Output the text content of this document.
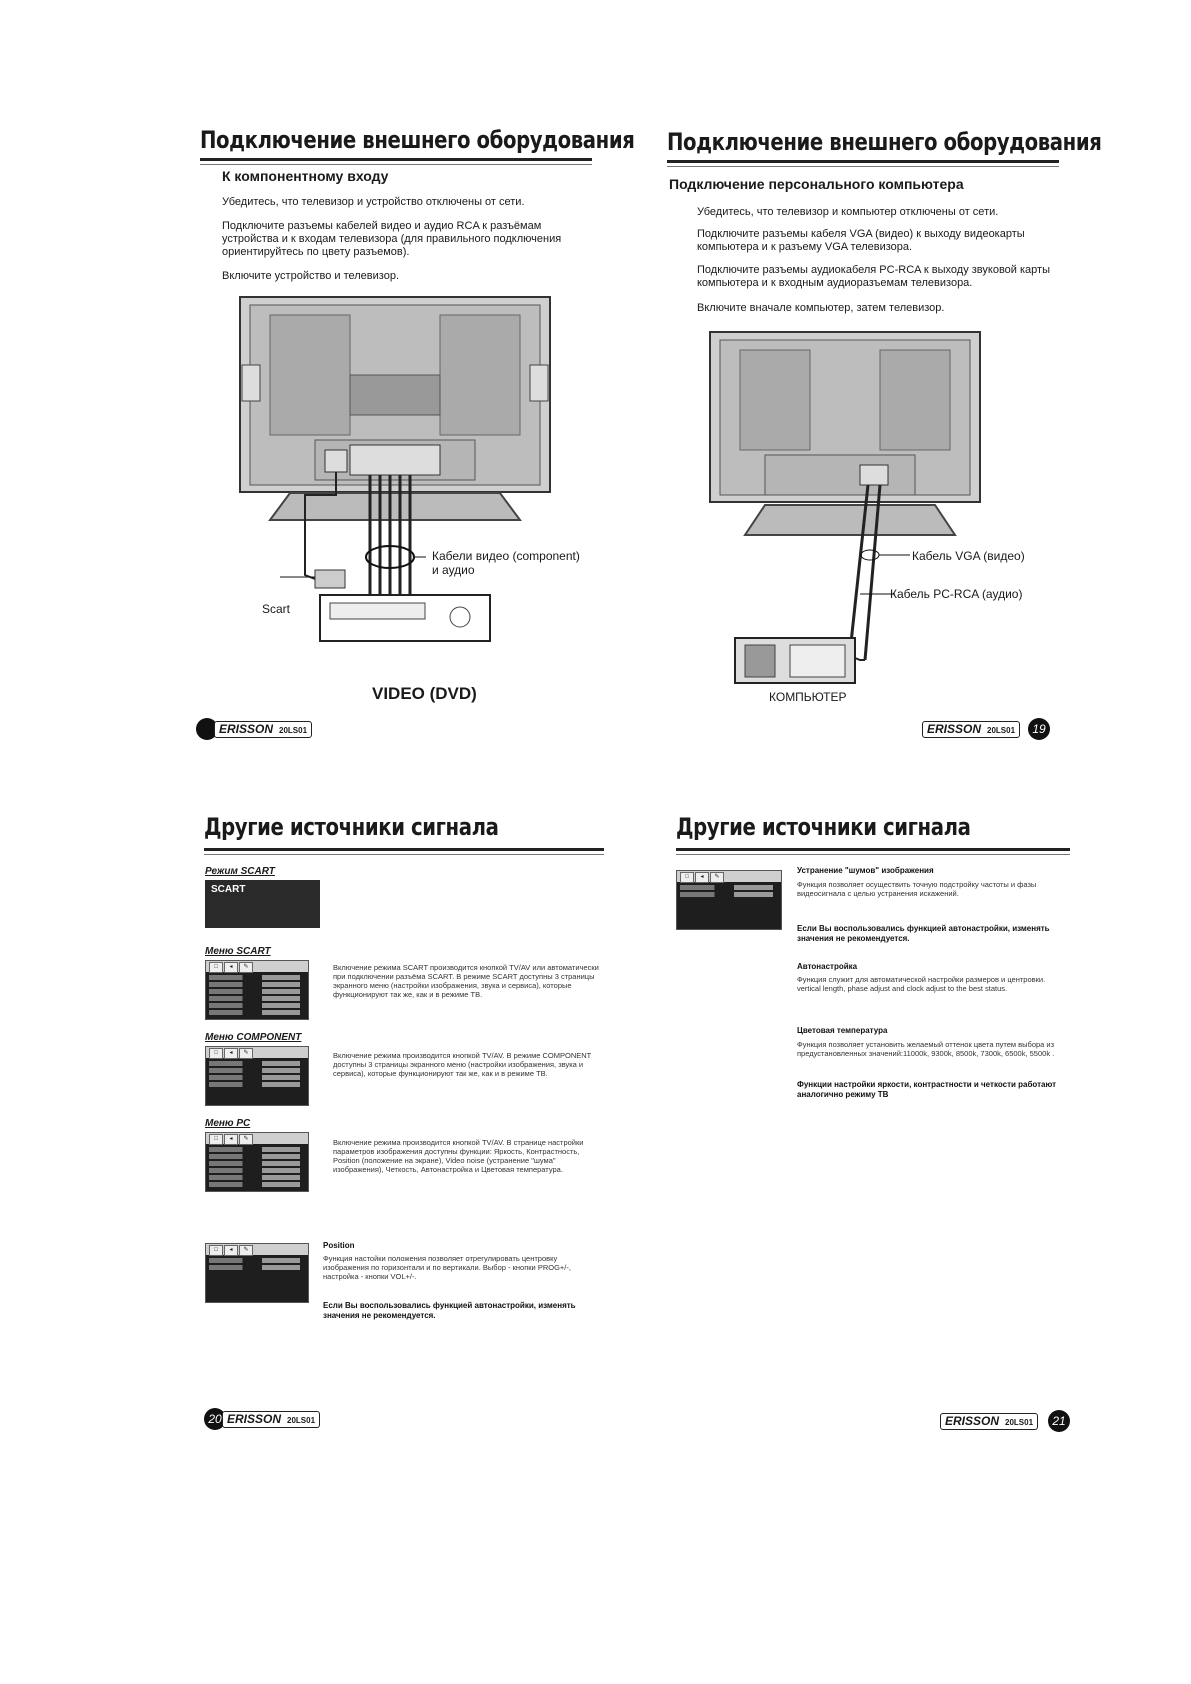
Подключение внешнего оборудования
К компонентному входу
Убедитесь, что телевизор и устройство отключены от сети.
Подключите разъемы кабелей видео и аудио RCA к разъёмам устройства и к входам телевизора (для правильного подключения ориентируйтесь по цвету разъемов).
Включите устройство и телевизор.
Кабели видео (component)
и аудио
Scart
VIDEO (DVD)
ERISSON 20LS01
Подключение внешнего оборудования
Подключение персонального компьютера
Убедитесь, что телевизор и компьютер отключены от сети.
Подключите разъемы кабеля VGA (видео) к выходу видеокарты компьютера и к разъему VGA телевизора.
Подключите разъемы аудиокабеля PC-RCA к выходу звуковой карты компьютера и к входным аудиоразъемам телевизора.
Включите вначале компьютер, затем телевизор.
Кабель VGA (видео)
Кабель PC-RCA (аудио)
КОМПЬЮТЕР
ERISSON 20LS01	19
Другие источники сигнала
Режим SCART
SCART
Меню SCART
□	◂	✎	Включение режима SCART производится кнопкой TV/AV или автоматически при подключении разъёма SCART. В режиме SCART доступны 3 страницы экранного меню (настройки изображения, звука и сервиса), которые функционируют так же, как и в режиме ТВ.
Меню COMPONENT
□	◂	✎	Включение режима производится кнопкой TV/AV. В режиме COMPONENT доступны 3 страницы экранного меню (настройки изображения, звука и сервиса), которые функционируют так же, как и в режиме ТВ.
Меню PC
□	◂	✎	Включение режима производится кнопкой TV/AV. В странице настройки параметров изображения доступны функции: Яркость, Контрастность, Position (положение на экране), Video noise (устранение "шума" изображения), Четкость, Автонастройка и Цветовая температура.
□	◂	✎	Position
Функция настойки положения позволяет отрегулировать центровку изображения по горизонтали и по вертикали. Выбор - кнопки PROG+/-, настройка - кнопки VOL+/-.
Если Вы воспользовались функцией автонастройки, изменять значения не рекомендуется.
20 ERISSON 20LS01
Другие источники сигнала
□	◂	✎
Устранение "шумов" изображения
Функция позволяет осуществить точную подстройку частоты и фазы видеосигнала с целью устранения искажений.
Если Вы воспользовались функцией автонастройки, изменять значения не рекомендуется.
Автонастройка
Функция служит для автоматической настройки размеров и центровки. vertical length, phase adjust and clock adjust to the best status.
Цветовая температура
Функция позволяет установить желаемый оттенок цвета путем выбора из предустановленных значений:11000k, 9300k, 8500k, 7300k, 6500k, 5500k .
Функции настройки яркости, контрастности и четкости работают аналогично режиму ТВ
ERISSON 20LS01	21
